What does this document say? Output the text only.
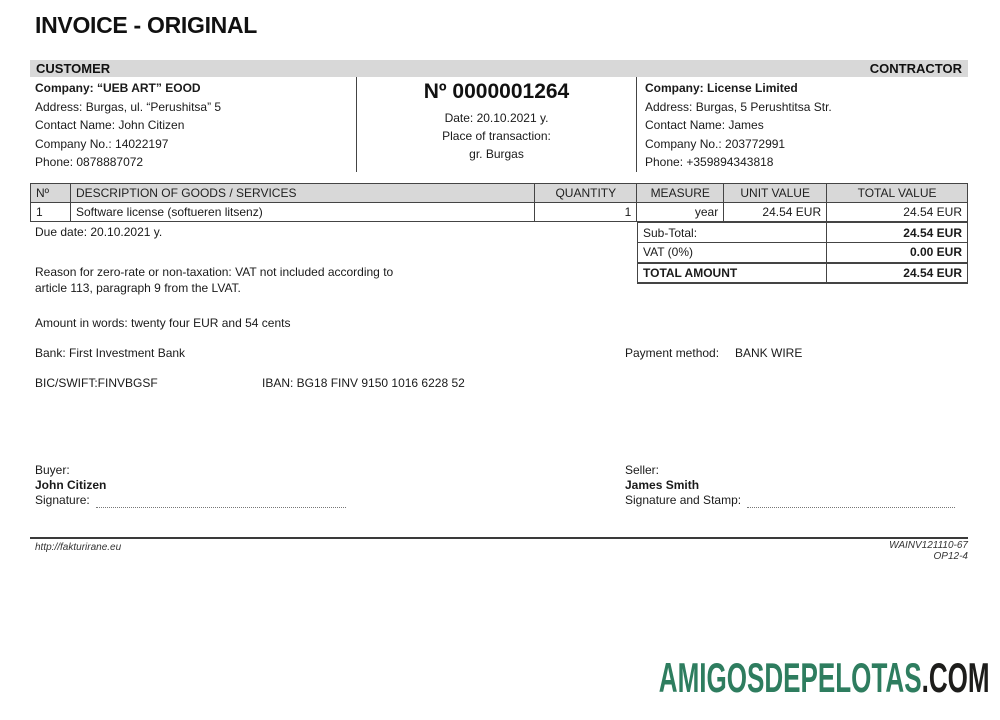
INVOICE - ORIGINAL
CUSTOMER	CONTRACTOR
Company: “UEB ART” EOOD
Address: Burgas, ul. “Perushitsa” 5
Contact Name: John Citizen
Company No.: 14022197
Phone: 0878887072
Nº 0000001264
Date: 20.10.2021 y.
Place of transaction:
gr. Burgas
Company: License Limited
Address: Burgas, 5 Perushtitsa Str.
Contact Name: James
Company No.: 203772991
Phone: +359894343818
Nº	DESCRIPTION OF GOODS / SERVICES	QUANTITY	MEASURE	UNIT VALUE	TOTAL VALUE
1	Software license (softueren litsenz)	1	year	24.54 EUR	24.54 EUR
Sub-Total:	24.54 EUR
VAT (0%)	0.00 EUR
TOTAL AMOUNT	24.54 EUR
Due date: 20.10.2021 y.
Reason for zero-rate or non-taxation: VAT not included according to
article 113, paragraph 9 from the LVAT.
Amount in words: twenty four EUR and 54 cents
Bank: First Investment Bank	Payment method: BANK WIRE
BIC/SWIFT:FINVBGSF	IBAN: BG18 FINV 9150 1016 6228 52
Buyer:
John Citizen
Signature:
Seller:
James Smith
Signature and Stamp:
http://fakturirane.eu	WAINV121110-67
OP12-4
AMIGOSDEPELOTAS.COM
